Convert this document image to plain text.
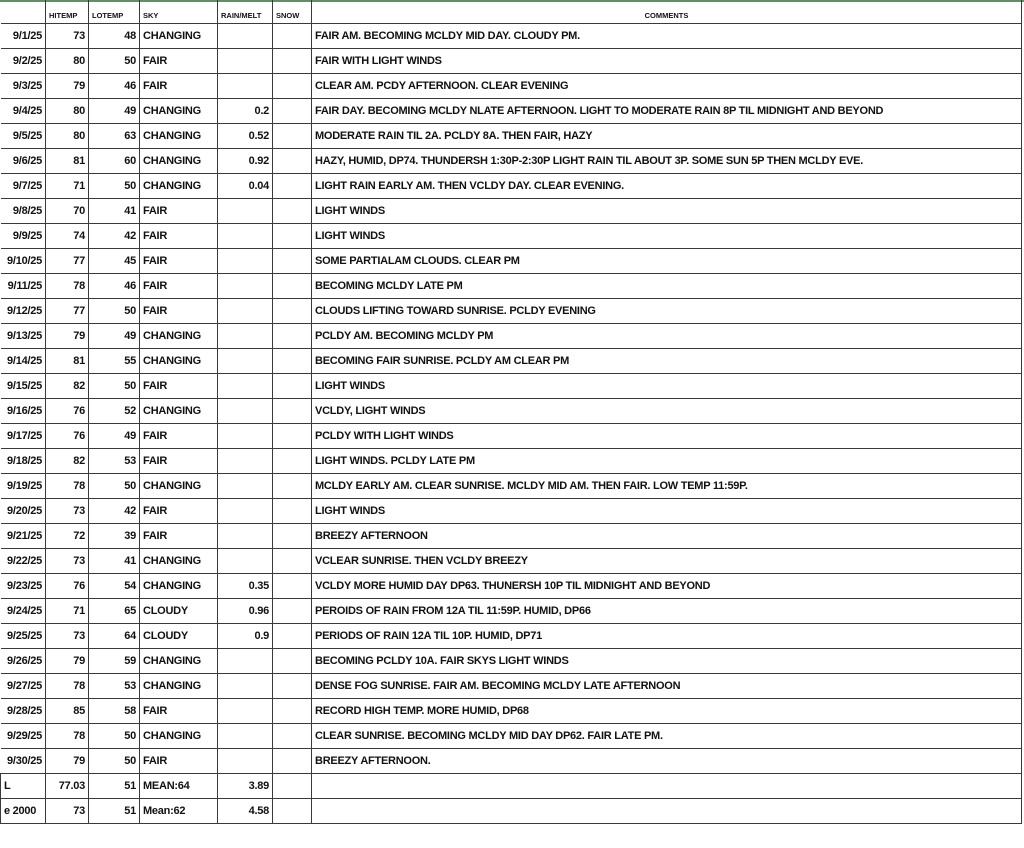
	HITEMP	LOTEMP	SKY	RAIN/MELT	SNOW	COMMENTS
9/1/25	73	48	CHANGING			FAIR AM. BECOMING MCLDY MID DAY. CLOUDY PM.
9/2/25	80	50	FAIR			FAIR WITH LIGHT WINDS
9/3/25	79	46	FAIR			CLEAR AM. PCDY AFTERNOON. CLEAR EVENING
9/4/25	80	49	CHANGING	0.2		FAIR DAY. BECOMING MCLDY NLATE AFTERNOON. LIGHT TO MODERATE RAIN 8P TIL MIDNIGHT AND BEYOND
9/5/25	80	63	CHANGING	0.52		MODERATE RAIN TIL 2A. PCLDY 8A. THEN FAIR, HAZY
9/6/25	81	60	CHANGING	0.92		HAZY, HUMID, DP74. THUNDERSH 1:30P-2:30P LIGHT RAIN TIL ABOUT 3P. SOME SUN 5P THEN MCLDY EVE.
9/7/25	71	50	CHANGING	0.04		LIGHT RAIN EARLY AM. THEN VCLDY DAY. CLEAR EVENING.
9/8/25	70	41	FAIR			LIGHT WINDS
9/9/25	74	42	FAIR			LIGHT WINDS
9/10/25	77	45	FAIR			SOME PARTIALAM CLOUDS. CLEAR PM
9/11/25	78	46	FAIR			BECOMING MCLDY LATE PM
9/12/25	77	50	FAIR			CLOUDS LIFTING TOWARD SUNRISE. PCLDY EVENING
9/13/25	79	49	CHANGING			PCLDY AM. BECOMING MCLDY PM
9/14/25	81	55	CHANGING			BECOMING FAIR SUNRISE. PCLDY AM CLEAR PM
9/15/25	82	50	FAIR			LIGHT WINDS
9/16/25	76	52	CHANGING			VCLDY, LIGHT WINDS
9/17/25	76	49	FAIR			PCLDY WITH LIGHT WINDS
9/18/25	82	53	FAIR			LIGHT WINDS. PCLDY LATE PM
9/19/25	78	50	CHANGING			MCLDY EARLY AM. CLEAR SUNRISE. MCLDY MID AM. THEN FAIR. LOW TEMP 11:59P.
9/20/25	73	42	FAIR			LIGHT WINDS
9/21/25	72	39	FAIR			BREEZY AFTERNOON
9/22/25	73	41	CHANGING			VCLEAR SUNRISE. THEN VCLDY BREEZY
9/23/25	76	54	CHANGING	0.35		VCLDY MORE HUMID DAY DP63. THUNERSH 10P TIL MIDNIGHT AND BEYOND
9/24/25	71	65	CLOUDY	0.96		PEROIDS OF RAIN FROM 12A TIL 11:59P. HUMID, DP66
9/25/25	73	64	CLOUDY	0.9		PERIODS OF RAIN 12A TIL 10P. HUMID, DP71
9/26/25	79	59	CHANGING			BECOMING PCLDY 10A. FAIR SKYS LIGHT WINDS
9/27/25	78	53	CHANGING			DENSE FOG SUNRISE. FAIR AM. BECOMING MCLDY LATE AFTERNOON
9/28/25	85	58	FAIR			RECORD HIGH TEMP. MORE HUMID, DP68
9/29/25	78	50	CHANGING			CLEAR SUNRISE. BECOMING MCLDY MID DAY DP62. FAIR LATE PM.
9/30/25	79	50	FAIR			BREEZY AFTERNOON.
L	77.03	51	MEAN:64	3.89		
e 2000	73	51	Mean:62	4.58		
